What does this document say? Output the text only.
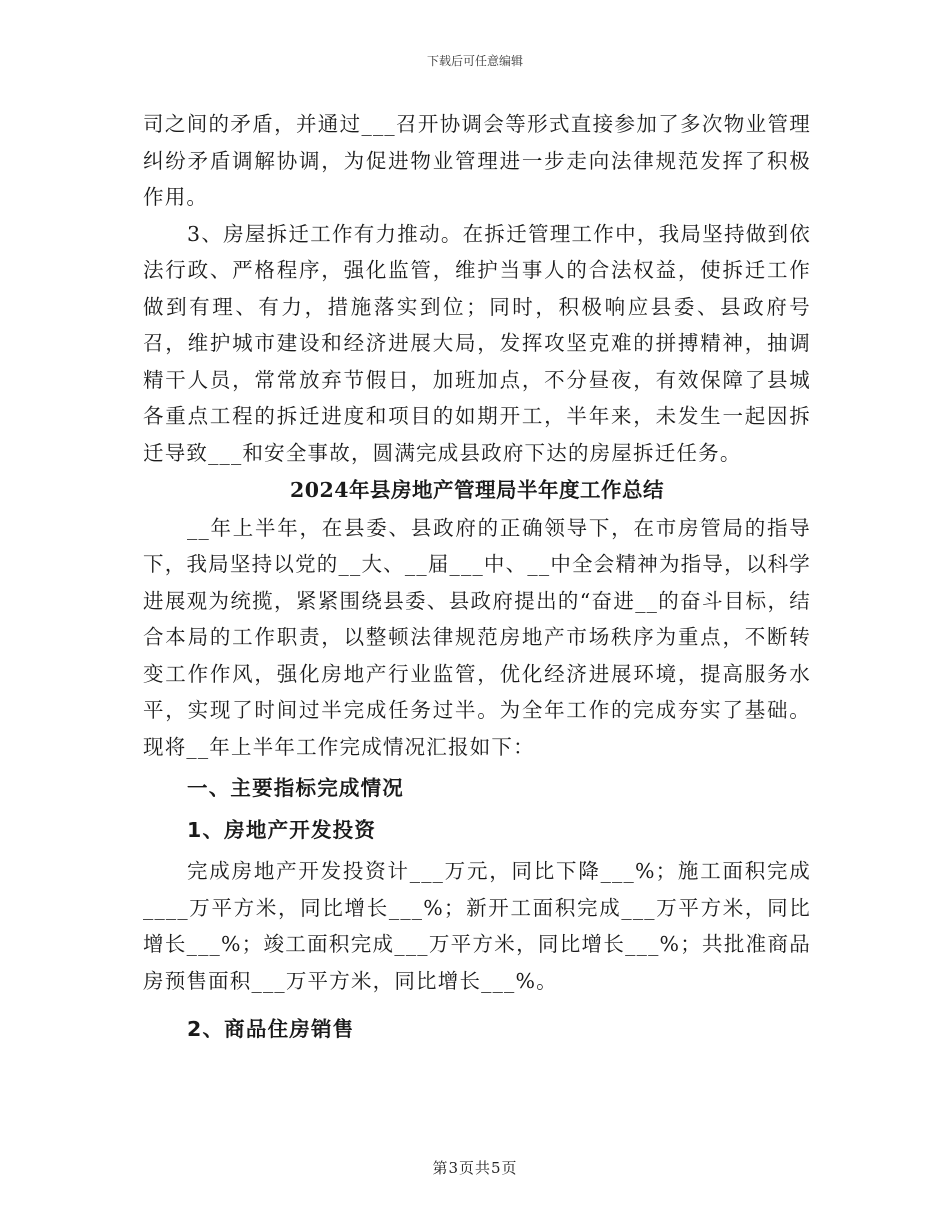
下载后可任意编辑

司之间的矛盾，并通过___召开协调会等形式直接参加了多次物业管理纠纷矛盾调解协调，为促进物业管理进一步走向法律规范发挥了积极作用。

3、房屋拆迁工作有力推动。在拆迁管理工作中，我局坚持做到依法行政、严格程序，强化监管，维护当事人的合法权益，使拆迁工作做到有理、有力，措施落实到位；同时，积极响应县委、县政府号召，维护城市建设和经济进展大局，发挥攻坚克难的拼搏精神，抽调精干人员，常常放弃节假日，加班加点，不分昼夜，有效保障了县城各重点工程的拆迁进度和项目的如期开工，半年来，未发生一起因拆迁导致___和安全事故，圆满完成县政府下达的房屋拆迁任务。

2024年县房地产管理局半年度工作总结

__年上半年，在县委、县政府的正确领导下，在市房管局的指导下，我局坚持以党的__大、__届___中、__中全会精神为指导，以科学进展观为统揽，紧紧围绕县委、县政府提出的“奋进__的奋斗目标，结合本局的工作职责，以整顿法律规范房地产市场秩序为重点，不断转变工作作风，强化房地产行业监管，优化经济进展环境，提高服务水平，实现了时间过半完成任务过半。为全年工作的完成夯实了基础。现将__年上半年工作完成情况汇报如下：

一、主要指标完成情况

1、房地产开发投资

完成房地产开发投资计___万元，同比下降___%；施工面积完成____万平方米，同比增长___%；新开工面积完成___万平方米，同比增长___%；竣工面积完成___万平方米，同比增长___%；共批准商品房预售面积___万平方米，同比增长___%。

2、商品住房销售

第3页共5页
